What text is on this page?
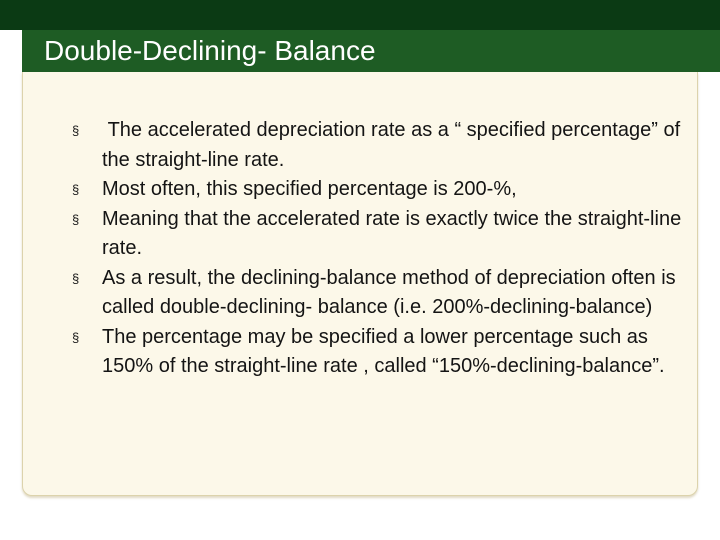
Double-Declining- Balance
§ The accelerated depreciation rate as a “ specified percentage” of the straight-line rate.
§ Most often, this specified percentage is 200-%,
§ Meaning that the accelerated rate is exactly twice the straight-line rate.
§ As a result, the declining-balance method of depreciation often is called double-declining- balance (i.e. 200%-declining-balance)
§ The percentage may be specified a lower percentage such as 150% of the straight-line rate , called “150%-declining-balance”.
